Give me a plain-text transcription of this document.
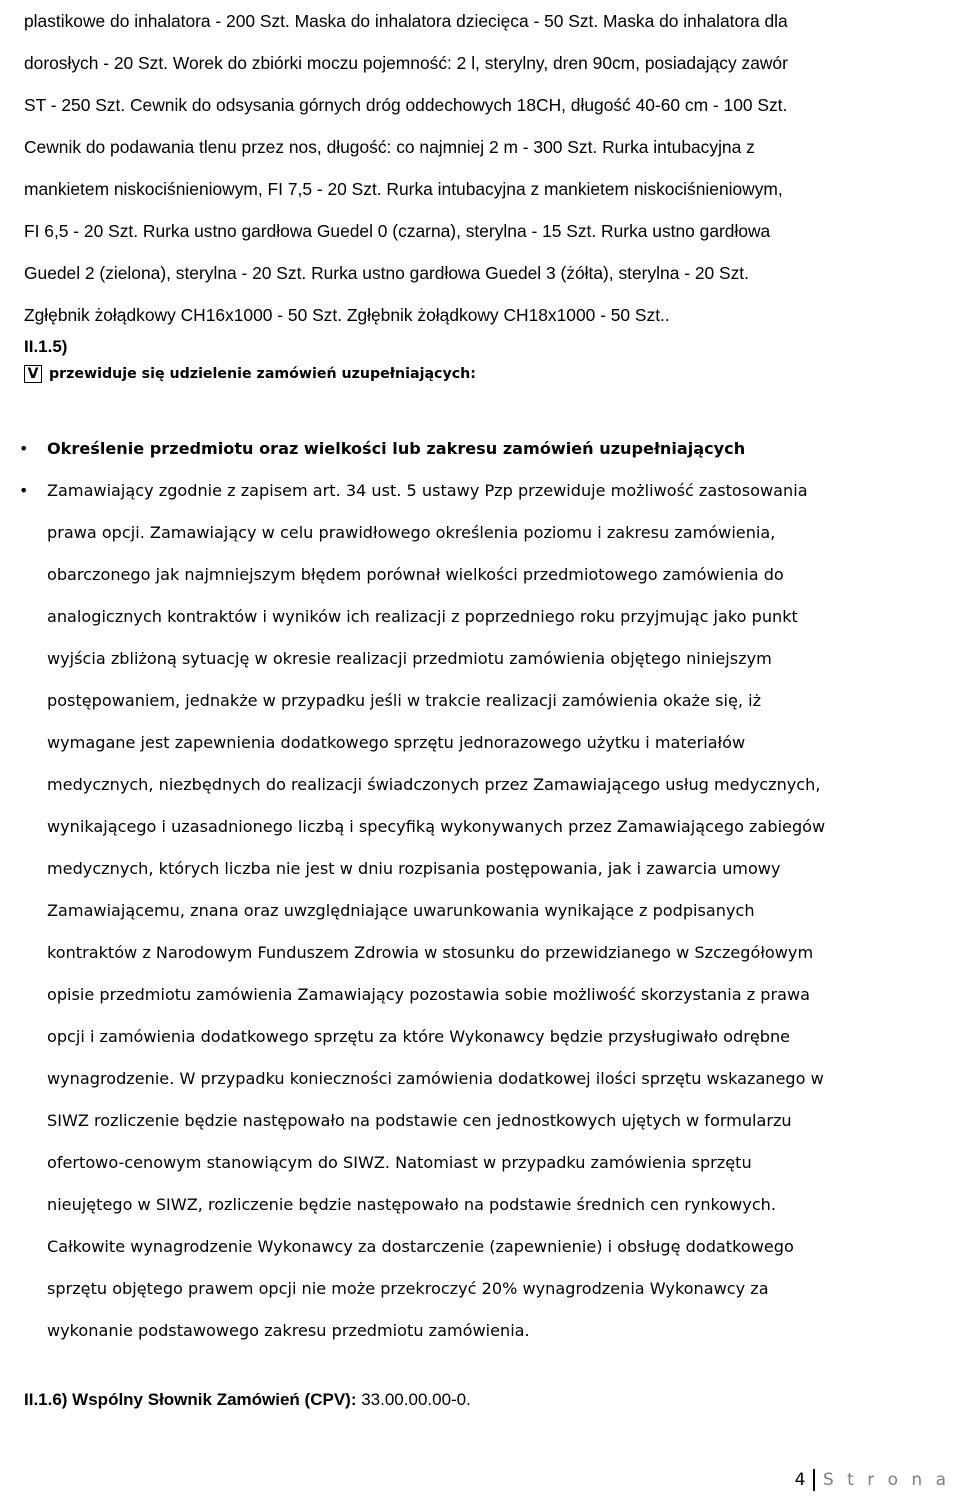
plastikowe do inhalatora - 200 Szt. Maska do inhalatora dziecięca - 50 Szt. Maska do inhalatora dla
dorosłych - 20 Szt. Worek do zbiórki moczu pojemność: 2 l, sterylny, dren 90cm, posiadający zawór
ST - 250 Szt. Cewnik do odsysania górnych dróg oddechowych 18CH, długość 40-60 cm - 100 Szt.
Cewnik do podawania tlenu przez nos, długość: co najmniej 2 m - 300 Szt. Rurka intubacyjna z
mankietem niskociśnieniowym, FI 7,5 - 20 Szt. Rurka intubacyjna z mankietem niskociśnieniowym,
FI 6,5 - 20 Szt. Rurka ustno gardłowa Guedel 0 (czarna), sterylna - 15 Szt. Rurka ustno gardłowa
Guedel 2 (zielona), sterylna - 20 Szt. Rurka ustno gardłowa Guedel 3 (żółta), sterylna - 20 Szt.
Zgłębnik żołądkowy CH16x1000 - 50 Szt. Zgłębnik żołądkowy CH18x1000 - 50 Szt..
II.1.5)
V przewiduje się udzielenie zamówień uzupełniających:
• Określenie przedmiotu oraz wielkości lub zakresu zamówień uzupełniających
• Zamawiający zgodnie z zapisem art. 34 ust. 5 ustawy Pzp przewiduje możliwość zastosowania
prawa opcji. Zamawiający w celu prawidłowego określenia poziomu i zakresu zamówienia,
obarczonego jak najmniejszym błędem porównał wielkości przedmiotowego zamówienia do
analogicznych kontraktów i wyników ich realizacji z poprzedniego roku przyjmując jako punkt
wyjścia zbliżoną sytuację w okresie realizacji przedmiotu zamówienia objętego niniejszym
postępowaniem, jednakże w przypadku jeśli w trakcie realizacji zamówienia okaże się, iż
wymagane jest zapewnienia dodatkowego sprzętu jednorazowego użytku i materiałów
medycznych, niezbędnych do realizacji świadczonych przez Zamawiającego usług medycznych,
wynikającego i uzasadnionego liczbą i specyfiką wykonywanych przez Zamawiającego zabiegów
medycznych, których liczba nie jest w dniu rozpisania postępowania, jak i zawarcia umowy
Zamawiającemu, znana oraz uwzględniające uwarunkowania wynikające z podpisanych
kontraktów z Narodowym Funduszem Zdrowia w stosunku do przewidzianego w Szczegółowym
opisie przedmiotu zamówienia Zamawiający pozostawia sobie możliwość skorzystania z prawa
opcji i zamówienia dodatkowego sprzętu za które Wykonawcy będzie przysługiwało odrębne
wynagrodzenie. W przypadku konieczności zamówienia dodatkowej ilości sprzętu wskazanego w
SIWZ rozliczenie będzie następowało na podstawie cen jednostkowych ujętych w formularzu
ofertowo-cenowym stanowiącym do SIWZ. Natomiast w przypadku zamówienia sprzętu
nieujętego w SIWZ, rozliczenie będzie następowało na podstawie średnich cen rynkowych.
Całkowite wynagrodzenie Wykonawcy za dostarczenie (zapewnienie) i obsługę dodatkowego
sprzętu objętego prawem opcji nie może przekroczyć 20% wynagrodzenia Wykonawcy za
wykonanie podstawowego zakresu przedmiotu zamówienia.
II.1.6) Wspólny Słownik Zamówień (CPV): 33.00.00.00-0.
4 S t r o n a
